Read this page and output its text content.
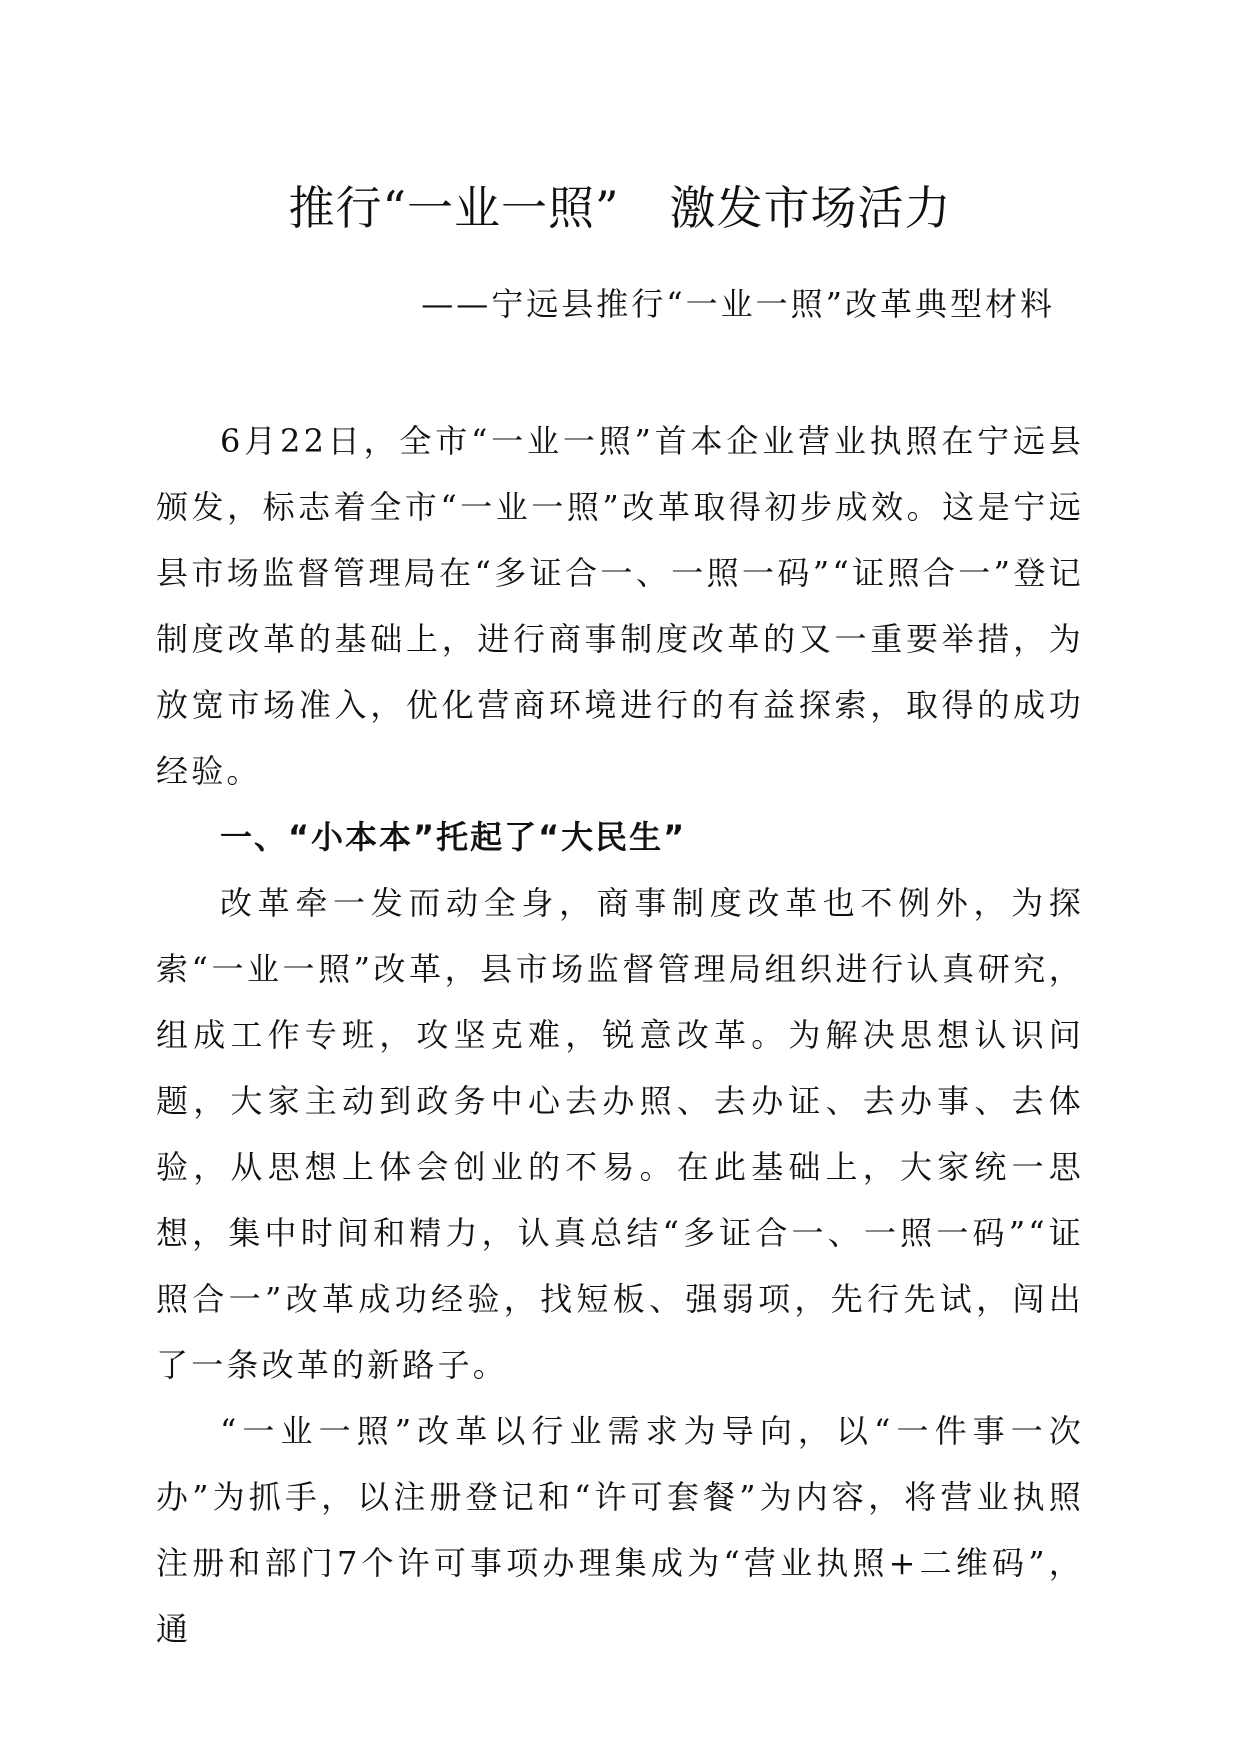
推行“一业一照” 激发市场活力

——宁远县推行“一业一照”改革典型材料

6月22日，全市“一业一照”首本企业营业执照在宁远县颁发，标志着全市“一业一照”改革取得初步成效。这是宁远县市场监督管理局在“多证合一、一照一码”“证照合一”登记制度改革的基础上，进行商事制度改革的又一重要举措，为放宽市场准入，优化营商环境进行的有益探索，取得的成功经验。

一、“小本本”托起了“大民生”

改革牵一发而动全身，商事制度改革也不例外，为探索“一业一照”改革，县市场监督管理局组织进行认真研究，组成工作专班，攻坚克难，锐意改革。为解决思想认识问题，大家主动到政务中心去办照、去办证、去办事、去体验，从思想上体会创业的不易。在此基础上，大家统一思想，集中时间和精力，认真总结“多证合一、一照一码”“证照合一”改革成功经验，找短板、强弱项，先行先试，闯出了一条改革的新路子。

“一业一照”改革以行业需求为导向，以“一件事一次办”为抓手，以注册登记和“许可套餐”为内容，将营业执照注册和部门7个许可事项办理集成为“营业执照+二维码”，通
